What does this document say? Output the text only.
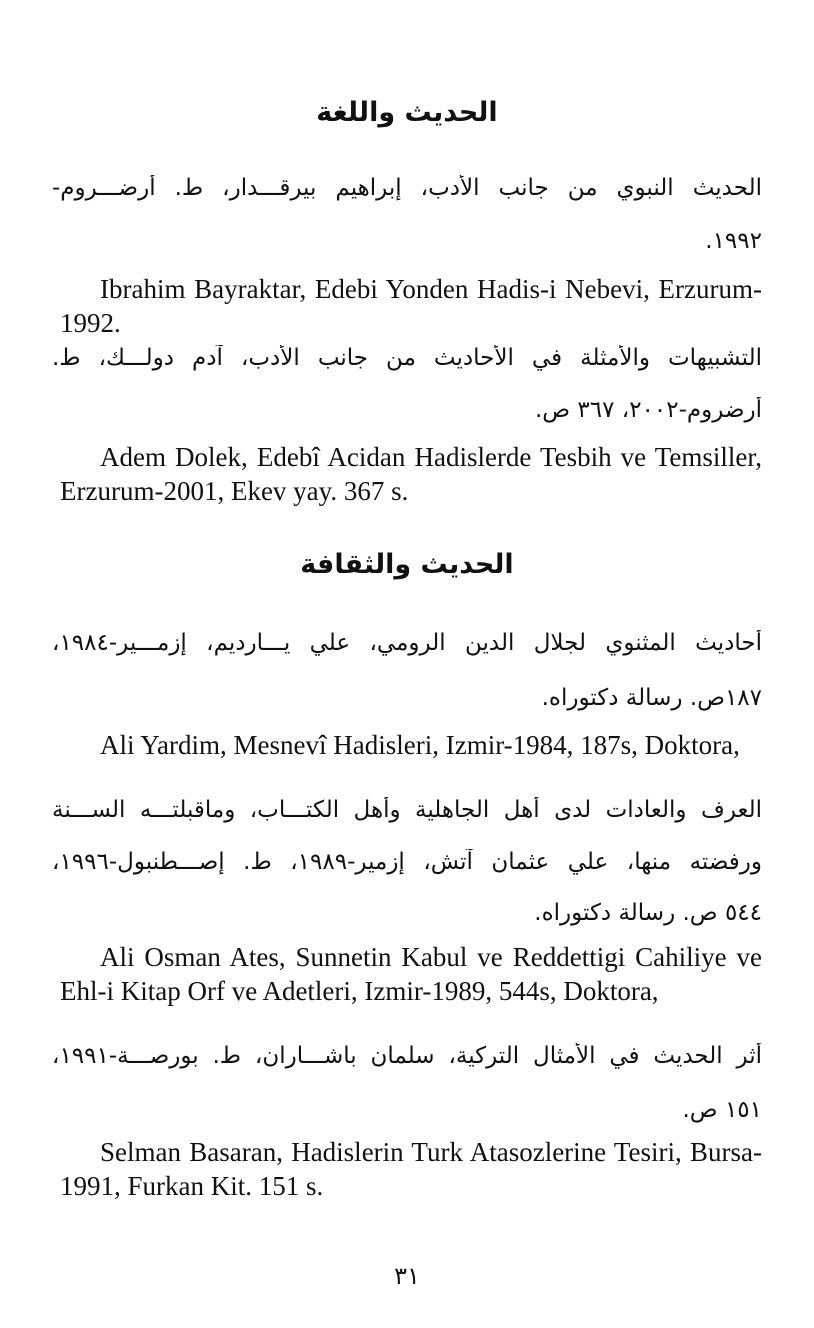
الحديث واللغة
الحديث النبوي من جانب الأدب، إبراهيم بيرقـــدار، ط. أرضـــروم-
١٩٩٢.
Ibrahim Bayraktar, Edebi Yonden Hadis-i Nebevi, Erzurum-1992.
التشبيهات والأمثلة في الأحاديث من جانب الأدب، آدم دولـــك، ط.
أرضروم-٢٠٠٢، ٣٦٧ ص.
Adem Dolek, Edebî Acidan Hadislerde Tesbih ve Temsiller, Erzurum-2001, Ekev yay. 367 s.
الحديث والثقافة
أحاديث المثنوي لجلال الدين الرومي، علي يـــارديم، إزمـــير-١٩٨٤،
١٨٧ص. رسالة دكتوراه.
Ali Yardim, Mesnevî Hadisleri, Izmir-1984, 187s, Doktora,
العرف والعادات لدى أهل الجاهلية وأهل الكتـــاب، وماقبلتـــه الســـنة
ورفضته منها، علي عثمان آتش، إزمير-١٩٨٩، ط. إصـــطنبول-١٩٩٦،
٥٤٤ ص. رسالة دكتوراه.
Ali Osman Ates, Sunnetin Kabul ve Reddettigi Cahiliye ve Ehl-i Kitap Orf ve Adetleri, Izmir-1989, 544s, Doktora,
أثر الحديث في الأمثال التركية، سلمان باشـــاران، ط. بورصـــة-١٩٩١،
١٥١ ص.
Selman Basaran, Hadislerin Turk Atasozlerine Tesiri, Bursa-1991, Furkan Kit. 151 s.
٣١
